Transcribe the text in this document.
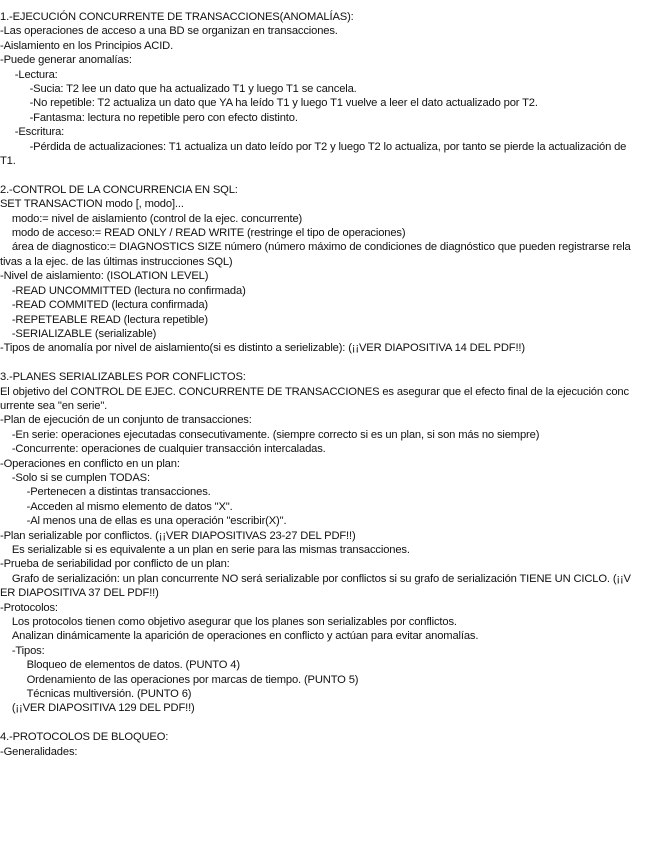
1.-EJECUCIÓN CONCURRENTE DE TRANSACCIONES(ANOMALÍAS):
-Las operaciones de acceso a una BD se organizan en transacciones.
-Aislamiento en los Principios ACID.
-Puede generar anomalías:
-Lectura:
-Sucia: T2 lee un dato que ha actualizado T1 y luego T1 se cancela.
-No repetible: T2 actualiza un dato que YA ha leído T1 y luego T1 vuelve a leer el dato actualizado por T2.
-Fantasma: lectura no repetible pero con efecto distinto.
-Escritura:
-Pérdida de actualizaciones: T1 actualiza un dato leído por T2 y luego T2 lo actualiza, por tanto se pierde la actualización de T1.
2.-CONTROL DE LA CONCURRENCIA EN SQL:
SET TRANSACTION modo [, modo]...
modo:= nivel de aislamiento (control de la ejec. concurrente)
modo de acceso:= READ ONLY / READ WRITE (restringe el tipo de operaciones)
área de diagnostico:= DIAGNOSTICS SIZE número (número máximo de condiciones de diagnóstico que pueden registrarse relativas a la ejec. de las últimas instrucciones SQL)
-Nivel de aislamiento: (ISOLATION LEVEL)
-READ UNCOMMITTED (lectura no confirmada)
-READ COMMITED (lectura confirmada)
-REPETEABLE READ (lectura repetible)
-SERIALIZABLE (serializable)
-Tipos de anomalía por nivel de aislamiento(si es distinto a serielizable): (¡¡VER DIAPOSITIVA 14 DEL PDF!!)
3.-PLANES SERIALIZABLES POR CONFLICTOS:
El objetivo del CONTROL DE EJEC. CONCURRENTE DE TRANSACCIONES es asegurar que el efecto final de la ejecución concurrente sea "en serie".
-Plan de ejecución de un conjunto de transacciones:
-En serie: operaciones ejecutadas consecutivamente. (siempre correcto si es un plan, si son más no siempre)
-Concurrente: operaciones de cualquier transacción intercaladas.
-Operaciones en conflicto en un plan:
-Solo si se cumplen TODAS:
-Pertenecen a distintas transacciones.
-Acceden al mismo elemento de datos "X".
-Al menos una de ellas es una operación "escribir(X)".
-Plan serializable por conflictos. (¡¡VER DIAPOSITIVAS 23-27 DEL PDF!!)
Es serializable si es equivalente a un plan en serie para las mismas transacciones.
-Prueba de seriabilidad por conflicto de un plan:
Grafo de serialización: un plan concurrente NO será serializable por conflictos si su grafo de serialización TIENE UN CICLO. (¡¡VER DIAPOSITIVA 37 DEL PDF!!)
-Protocolos:
Los protocolos tienen como objetivo asegurar que los planes son serializables por conflictos.
Analizan dinámicamente la aparición de operaciones en conflicto y actúan para evitar anomalías.
-Tipos:
Bloqueo de elementos de datos. (PUNTO 4)
Ordenamiento de las operaciones por marcas de tiempo. (PUNTO 5)
Técnicas multiversión. (PUNTO 6)
(¡¡VER DIAPOSITIVA 129 DEL PDF!!)
4.-PROTOCOLOS DE BLOQUEO:
-Generalidades:
